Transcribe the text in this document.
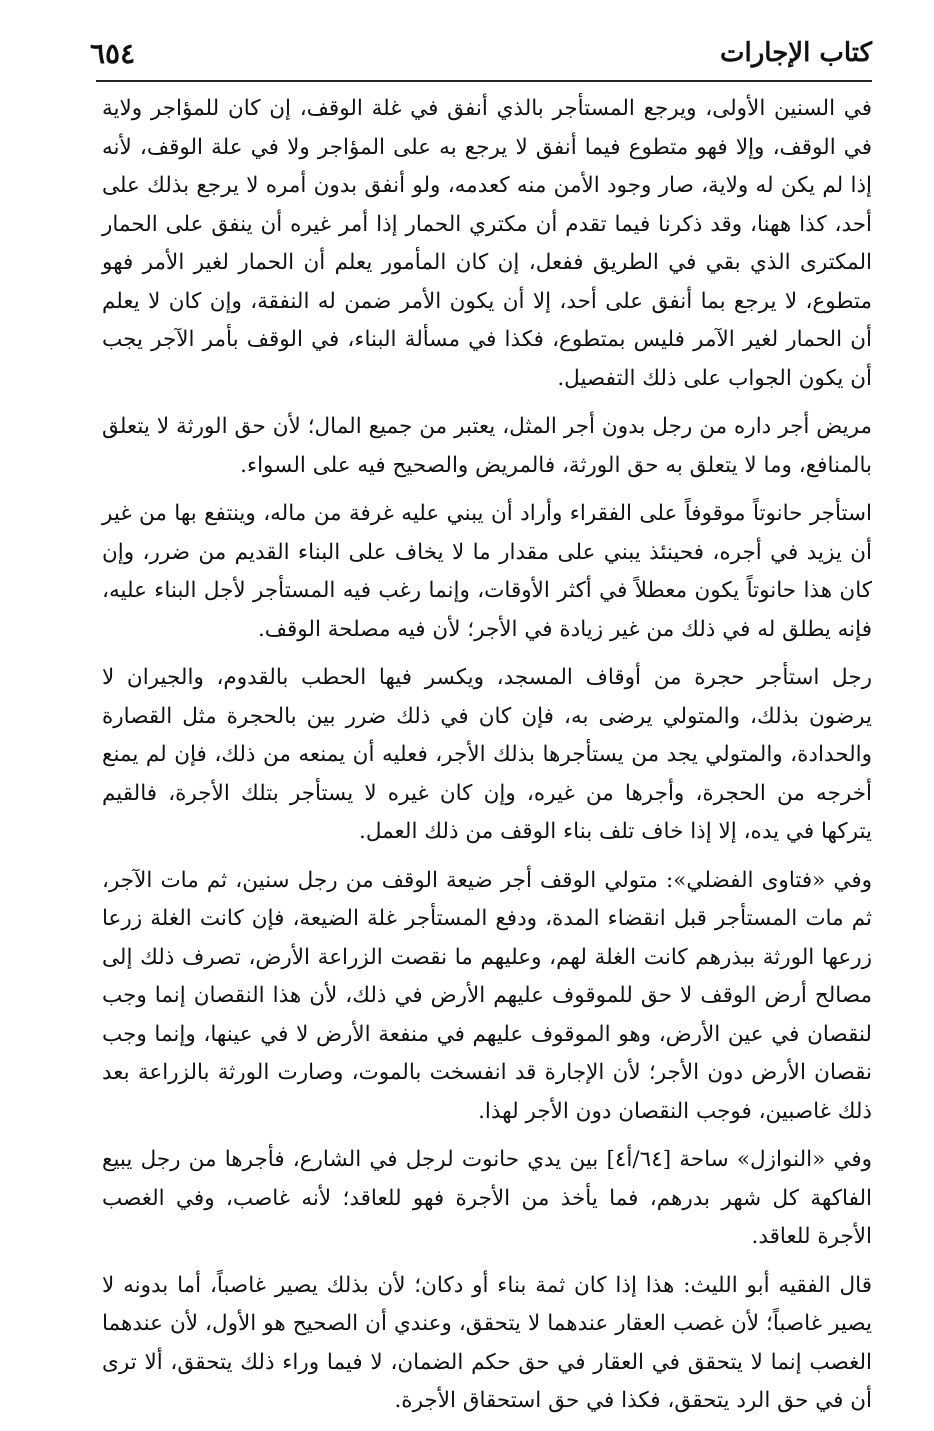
كتاب الإجارات
٦٥٤

في السنين الأولى، ويرجع المستأجر بالذي أنفق في غلة الوقف، إن كان للمؤاجر ولاية في الوقف، وإلا فهو متطوع فيما أنفق لا يرجع به على المؤاجر ولا في علة الوقف، لأنه إذا لم يكن له ولاية، صار وجود الأمن منه كعدمه، ولو أنفق بدون أمره لا يرجع بذلك على أحد، كذا ههنا، وقد ذكرنا فيما تقدم أن مكتري الحمار إذا أمر غيره أن ينفق على الحمار المكترى الذي بقي في الطريق ففعل، إن كان المأمور يعلم أن الحمار لغير الأمر فهو متطوع، لا يرجع بما أنفق على أحد، إلا أن يكون الأمر ضمن له النفقة، وإن كان لا يعلم أن الحمار لغير الآمر فليس بمتطوع، فكذا في مسألة البناء، في الوقف بأمر الآجر يجب أن يكون الجواب على ذلك التفصيل.

مريض أجر داره من رجل بدون أجر المثل، يعتبر من جميع المال؛ لأن حق الورثة لا يتعلق بالمنافع، وما لا يتعلق به حق الورثة، فالمريض والصحيح فيه على السواء.

استأجر حانوتاً موقوفاً على الفقراء وأراد أن يبني عليه غرفة من ماله، وينتفع بها من غير أن يزيد في أجره، فحينئذ يبني على مقدار ما لا يخاف على البناء القديم من ضرر، وإن كان هذا حانوتاً يكون معطلاً في أكثر الأوقات، وإنما رغب فيه المستأجر لأجل البناء عليه، فإنه يطلق له في ذلك من غير زيادة في الأجر؛ لأن فيه مصلحة الوقف.

رجل استأجر حجرة من أوقاف المسجد، ويكسر فيها الحطب بالقدوم، والجيران لا يرضون بذلك، والمتولي يرضى به، فإن كان في ذلك ضرر بين بالحجرة مثل القصارة والحدادة، والمتولي يجد من يستأجرها بذلك الأجر، فعليه أن يمنعه من ذلك، فإن لم يمنع أخرجه من الحجرة، وأجرها من غيره، وإن كان غيره لا يستأجر بتلك الأجرة، فالقيم يتركها في يده، إلا إذا خاف تلف بناء الوقف من ذلك العمل.

وفي «فتاوى الفضلي»: متولي الوقف أجر ضيعة الوقف من رجل سنين، ثم مات الآجر، ثم مات المستأجر قبل انقضاء المدة، ودفع المستأجر غلة الضيعة، فإن كانت الغلة زرعا زرعها الورثة ببذرهم كانت الغلة لهم، وعليهم ما نقصت الزراعة الأرض، تصرف ذلك إلى مصالح أرض الوقف لا حق للموقوف عليهم الأرض في ذلك، لأن هذا النقصان إنما وجب لنقصان في عين الأرض، وهو الموقوف عليهم في منفعة الأرض لا في عينها، وإنما وجب نقصان الأرض دون الأجر؛ لأن الإجارة قد انفسخت بالموت، وصارت الورثة بالزراعة بعد ذلك غاصبين، فوجب النقصان دون الأجر لهذا.

وفي «النوازل» ساحة [٦٤/أ٤] بين يدي حانوت لرجل في الشارع، فأجرها من رجل يبيع الفاكهة كل شهر بدرهم، فما يأخذ من الأجرة فهو للعاقد؛ لأنه غاصب، وفي الغصب الأجرة للعاقد.

قال الفقيه أبو الليث: هذا إذا كان ثمة بناء أو دكان؛ لأن بذلك يصير غاصباً، أما بدونه لا يصير غاصباً؛ لأن غصب العقار عندهما لا يتحقق، وعندي أن الصحيح هو الأول، لأن عندهما الغصب إنما لا يتحقق في العقار في حق حكم الضمان، لا فيما وراء ذلك يتحقق، ألا ترى أن في حق الرد يتحقق، فكذا في حق استحقاق الأجرة.
